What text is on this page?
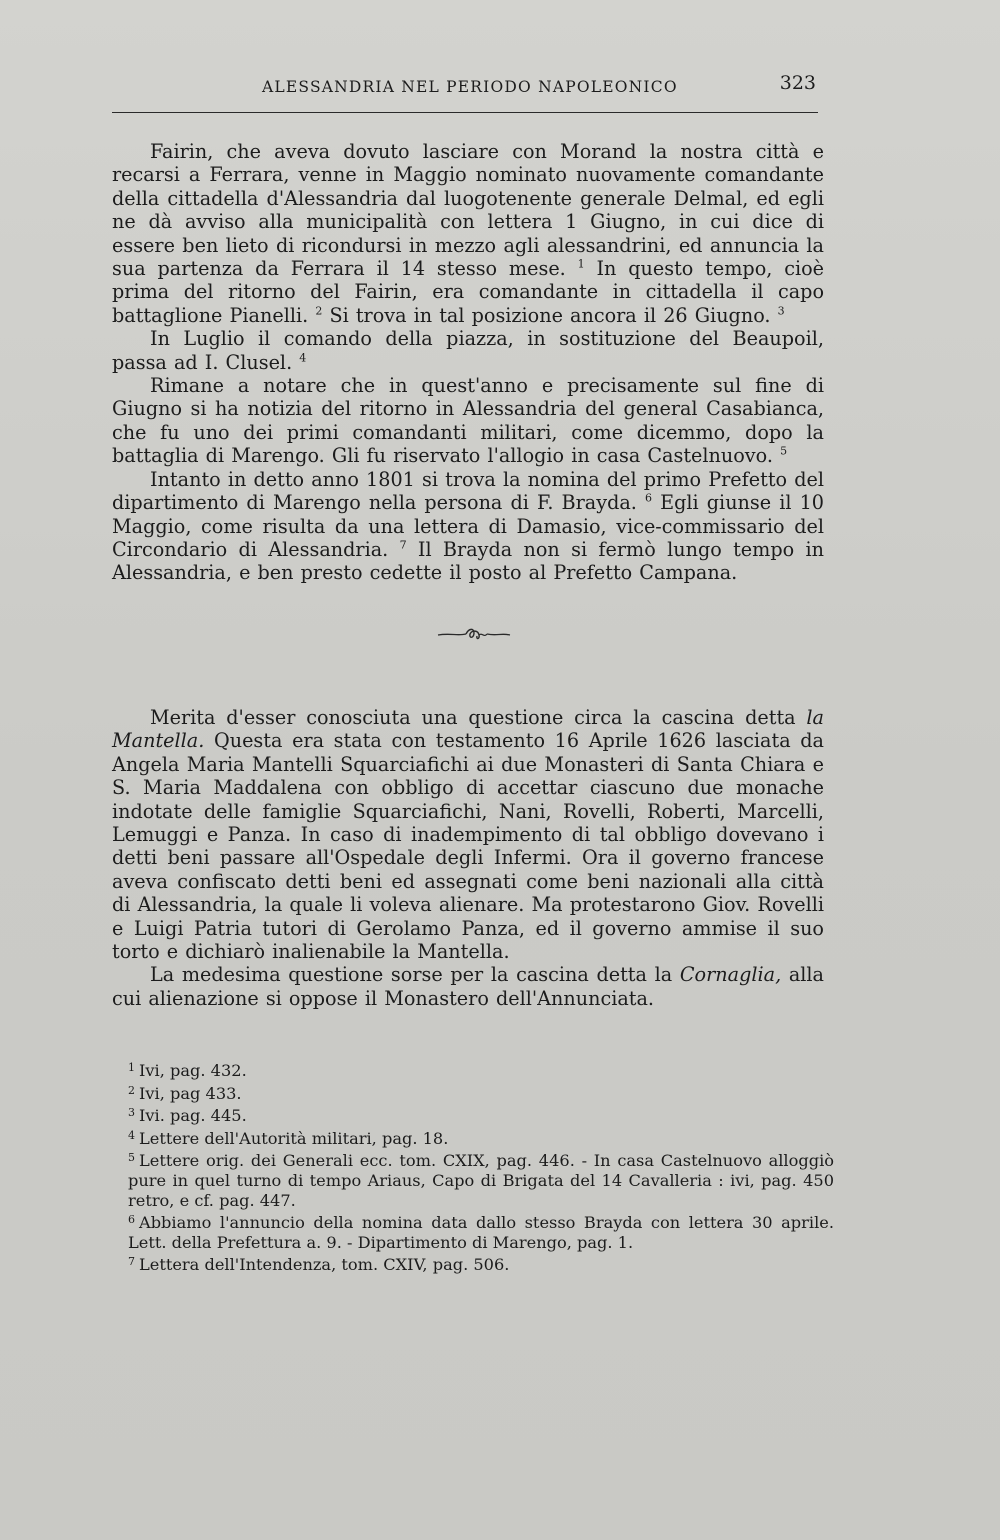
ALESSANDRIA NEL PERIODO NAPOLEONICO	323

Fairin, che aveva dovuto lasciare con Morand la nostra città e recarsi a Ferrara, venne in Maggio nominato nuovamente comandante della cittadella d'Alessandria dal luogotenente generale Delmal, ed egli ne dà avviso alla municipalità con lettera 1 Giugno, in cui dice di essere ben lieto di ricondursi in mezzo agli alessandrini, ed annuncia la sua partenza da Ferrara il 14 stesso mese. $^1$ In questo tempo, cioè prima del ritorno del Fairin, era comandante in cittadella il capo battaglione Pianelli. $^2$ Si trova in tal posizione ancora il 26 Giugno. $^3$

In Luglio il comando della piazza, in sostituzione del Beaupoil, passa ad I. Clusel. $^4$

Rimane a notare che in quest'anno e precisamente sul fine di Giugno si ha notizia del ritorno in Alessandria del general Casabianca, che fu uno dei primi comandanti militari, come dicemmo, dopo la battaglia di Marengo. Gli fu riservato l'allogio in casa Castelnuovo. $^5$

Intanto in detto anno 1801 si trova la nomina del primo Prefetto del dipartimento di Marengo nella persona di F. Brayda. $^6$ Egli giunse il 10 Maggio, come risulta da una lettera di Damasio, vice-commissario del Circondario di Alessandria. $^7$ Il Brayda non si fermò lungo tempo in Alessandria, e ben presto cedette il posto al Prefetto Campana.

Merita d'esser conosciuta una questione circa la cascina detta la Mantella. Questa era stata con testamento 16 Aprile 1626 lasciata da Angela Maria Mantelli Squarciafichi ai due Monasteri di Santa Chiara e S. Maria Maddalena con obbligo di accettar ciascuno due monache indotate delle famiglie Squarciafichi, Nani, Rovelli, Roberti, Marcelli, Lemuggi e Panza. In caso di inadempimento di tal obbligo dovevano i detti beni passare all'Ospedale degli Infermi. Ora il governo francese aveva confiscato detti beni ed assegnati come beni nazionali alla città di Alessandria, la quale li voleva alienare. Ma protestarono Giov. Rovelli e Luigi Patria tutori di Gerolamo Panza, ed il governo ammise il suo torto e dichiarò inalienabile la Mantella.

La medesima questione sorse per la cascina detta la Cornaglia, alla cui alienazione si oppose il Monastero dell'Annunciata.

$^1$ Ivi, pag. 432.

$^2$ Ivi, pag 433.

$^3$ Ivi. pag. 445.

$^4$ Lettere dell'Autorità militari, pag. 18.

$^5$ Lettere orig. dei Generali ecc. tom. CXIX, pag. 446. - In casa Castelnuovo alloggiò pure in quel turno di tempo Ariaus, Capo di Brigata del 14 Cavalleria : ivi, pag. 450 retro, e cf. pag. 447.

$^6$ Abbiamo l'annuncio della nomina data dallo stesso Brayda con lettera 30 aprile. Lett. della Prefettura a. 9. - Dipartimento di Marengo, pag. 1.

$^7$ Lettera dell'Intendenza, tom. CXIV, pag. 506.
